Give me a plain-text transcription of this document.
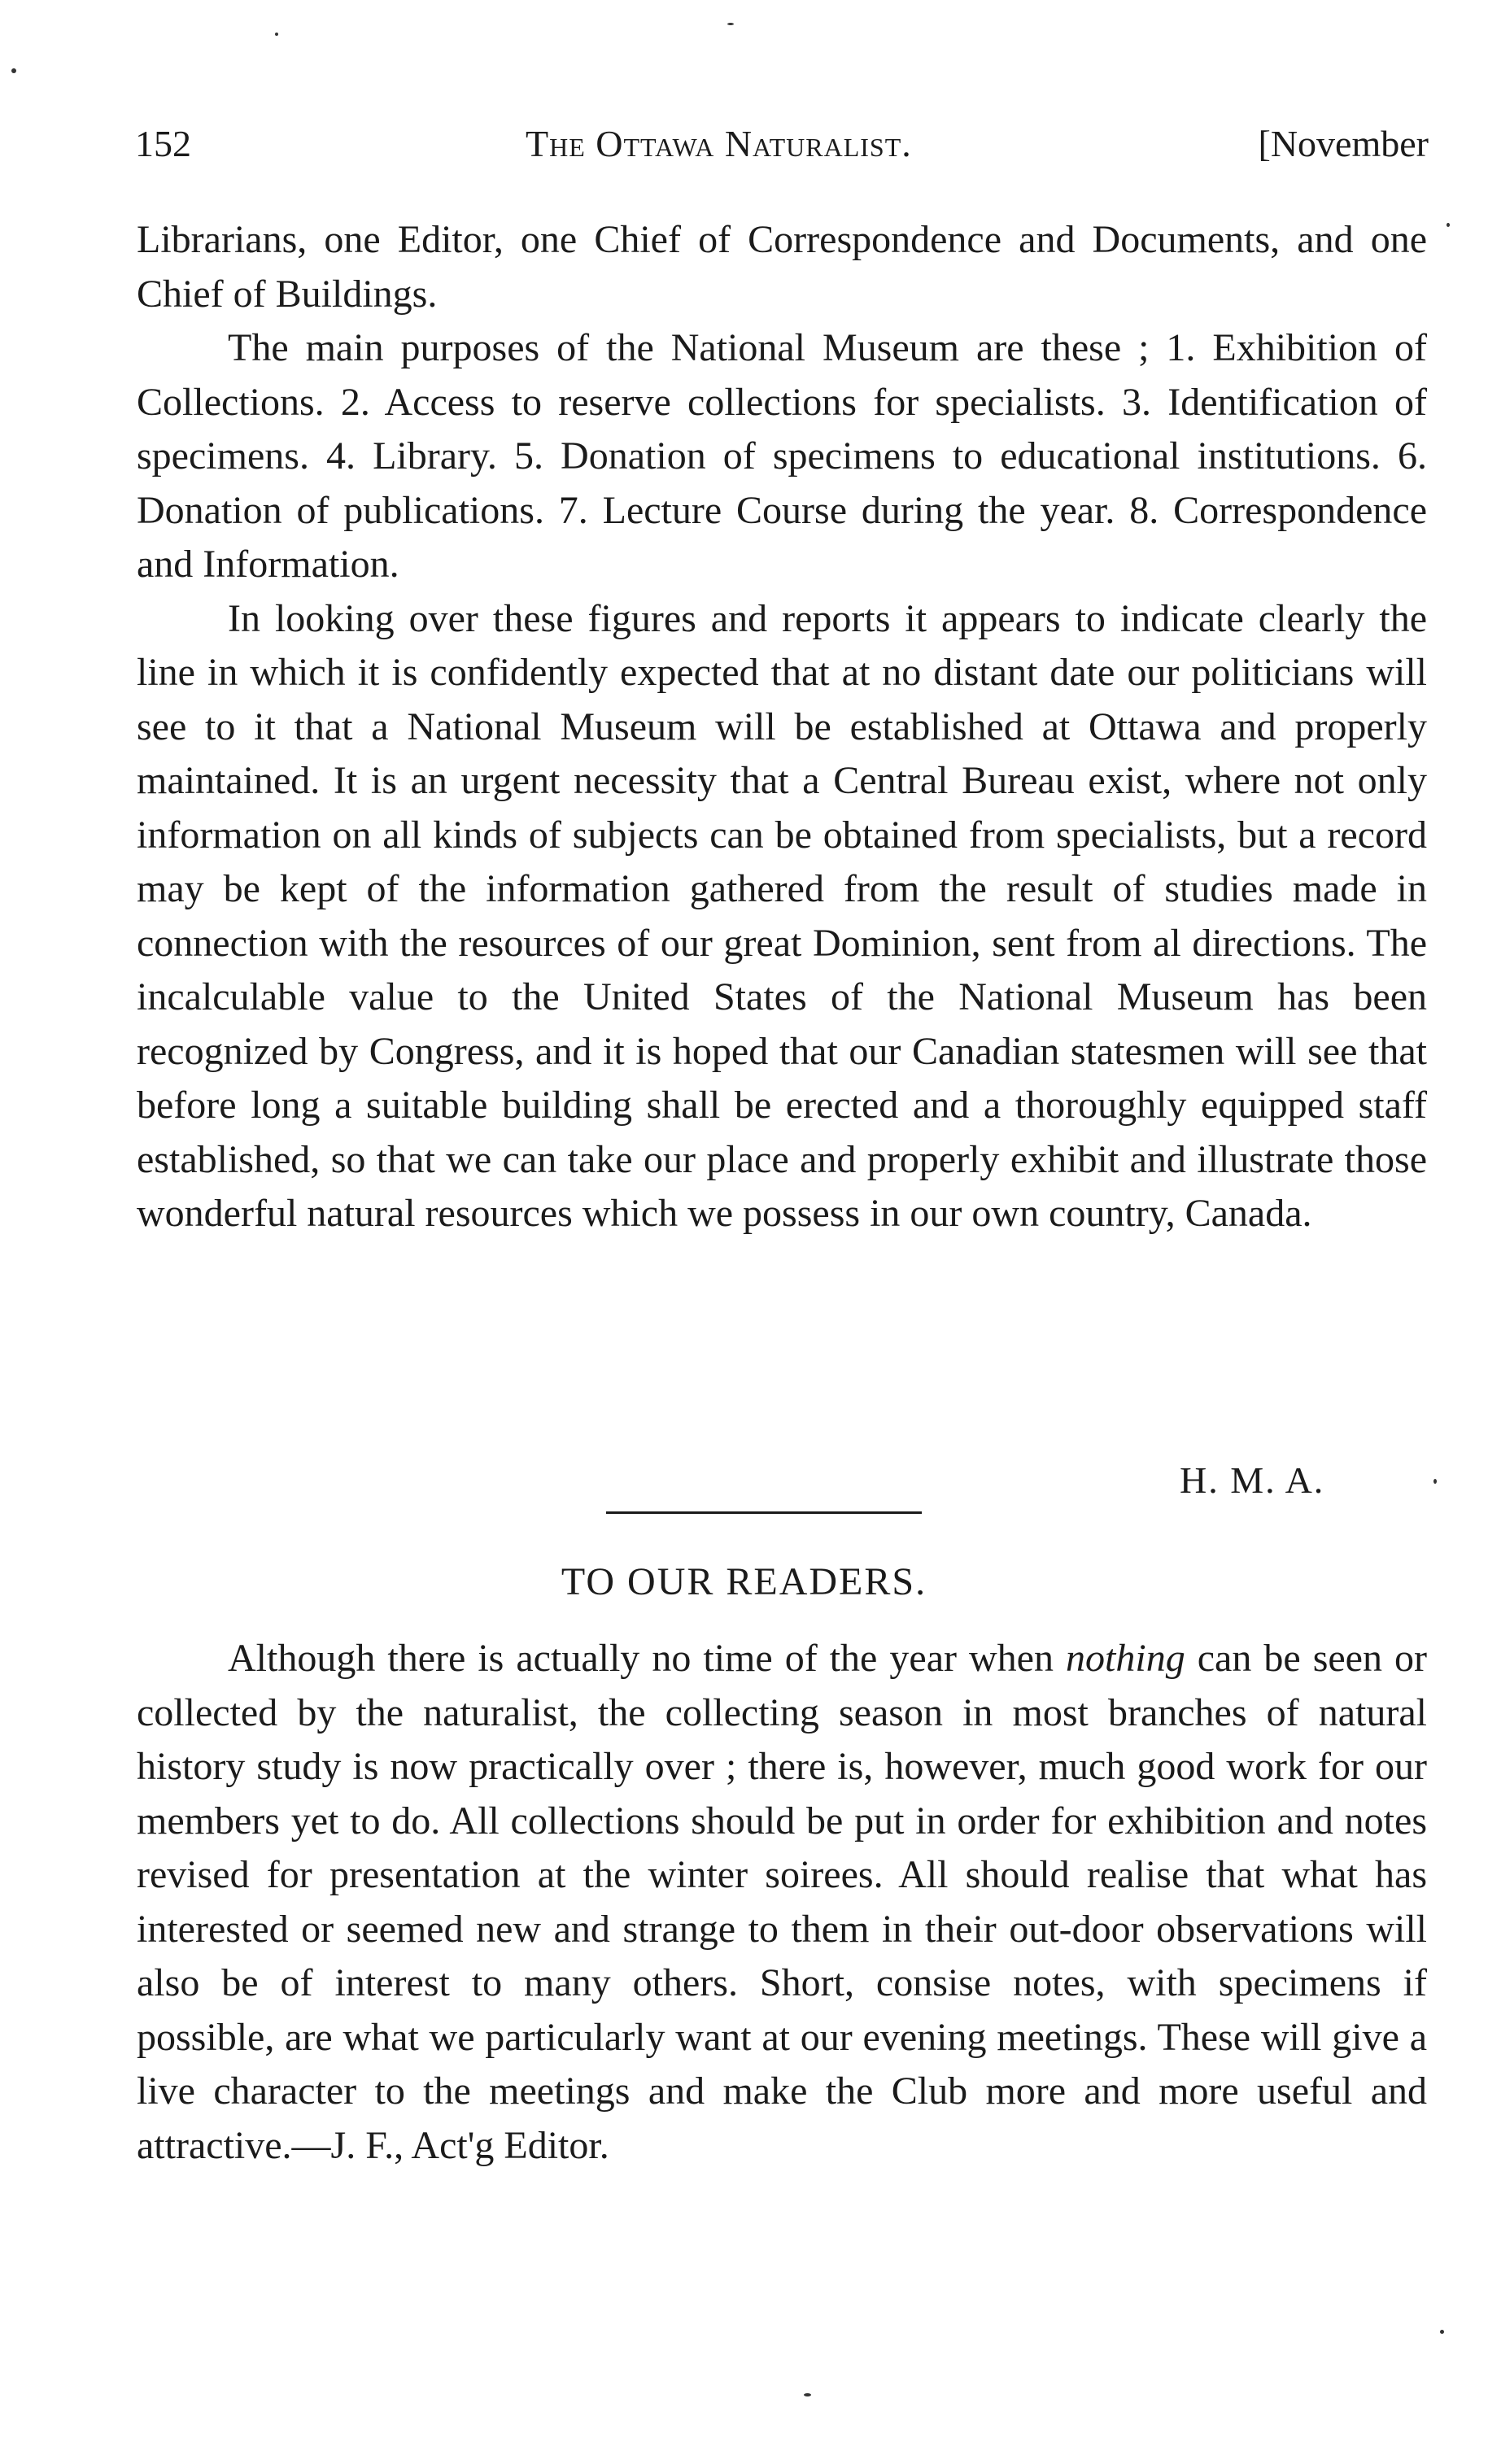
152	The Ottawa Naturalist.	[November

Librarians, one Editor, one Chief of Correspondence and Documents, and one Chief of Buildings.

The main purposes of the National Museum are these ; 1. Exhibition of Collections. 2. Access to reserve collections for specialists. 3. Identification of specimens. 4. Library. 5. Donation of specimens to educational institutions. 6. Donation of publications. 7. Lecture Course during the year. 8. Correspondence and Information.

In looking over these figures and reports it appears to indicate clearly the line in which it is confidently expected that at no distant date our politicians will see to it that a National Museum will be established at Ottawa and properly maintained. It is an urgent necessity that a Central Bureau exist, where not only information on all kinds of subjects can be obtained from specialists, but a record may be kept of the information gathered from the result of studies made in connection with the resources of our great Dominion, sent from al directions. The incalculable value to the United States of the National Museum has been recognized by Congress, and it is hoped that our Canadian statesmen will see that before long a suitable building shall be erected and a thoroughly equipped staff established, so that we can take our place and properly exhibit and illustrate those wonderful natural resources which we possess in our own country, Canada.

H. M. A.
TO OUR READERS.

Although there is actually no time of the year when nothing can be seen or collected by the naturalist, the collecting season in most branches of natural history study is now practically over ; there is, however, much good work for our members yet to do. All collections should be put in order for exhibition and notes revised for presentation at the winter soirees. All should realise that what has interested or seemed new and strange to them in their out-door observations will also be of interest to many others. Short, consise notes, with specimens if possible, are what we particularly want at our evening meetings. These will give a live character to the meetings and make the Club more and more useful and attractive.—J. F., Act'g Editor.
